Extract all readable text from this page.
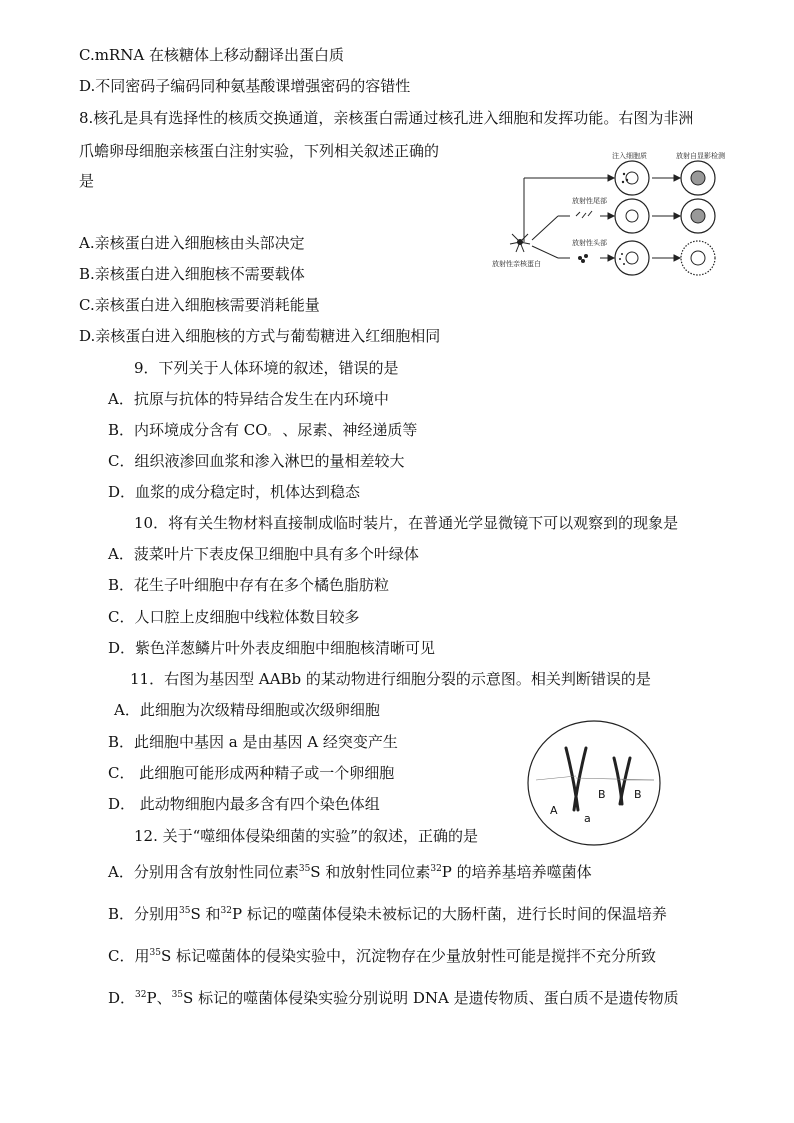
C.mRNA 在核糖体上移动翻译出蛋白质
D.不同密码子编码同种氨基酸课增强密码的容错性
8.核孔是具有选择性的核质交换通道，亲核蛋白需通过核孔进入细胞和发挥功能。右图为非洲
爪蟾卵母细胞亲核蛋白注射实验，下列相关叙述正确的
是
A.亲核蛋白进入细胞核由头部决定
B.亲核蛋白进入细胞核不需要载体
C.亲核蛋白进入细胞核需要消耗能量
D.亲核蛋白进入细胞核的方式与葡萄糖进入红细胞相同
9．下列关于人体环境的叙述，错误的是
A．抗原与抗体的特异结合发生在内环境中
B．内环境成分含有 CO。 、尿素、神经递质等
C．组织液渗回血浆和渗入淋巴的量相差较大
D．血浆的成分稳定时，机体达到稳态
10．将有关生物材料直接制成临时装片，在普通光学显微镜下可以观察到的现象是
A．菠菜叶片下表皮保卫细胞中具有多个叶绿体
B．花生子叶细胞中存有在多个橘色脂肪粒
C．人口腔上皮细胞中线粒体数目较多
D．紫色洋葱鳞片叶外表皮细胞中细胞核清晰可见
11．右图为基因型 AABb 的某动物进行细胞分裂的示意图。相关判断错误的是
A．此细胞为次级精母细胞或次级卵细胞
B．此细胞中基因 a 是由基因 A 经突变产生
C． 此细胞可能形成两种精子或一个卵细胞
D． 此动物细胞内最多含有四个染色体组
12. 关于“噬细体侵染细菌的实验”的叙述，正确的是
A．分别用含有放射性同位素$^{35}$S 和放射性同位素$^{32}$P 的培养基培养噬菌体
B．分别用$^{35}$S 和$^{32}$P 标记的噬菌体侵染未被标记的大肠杆菌，进行长时间的保温培养
C．用$^{35}$S 标记噬菌体的侵染实验中，沉淀物存在少量放射性可能是搅拌不充分所致
D．$^{32}$P、$^{35}$S 标记的噬菌体侵染实验分别说明 DNA 是遗传物质、蛋白质不是遗传物质
注入细胞质	放射自显影检测
放射性亲核蛋白
放射性尾部
放射性头部
A
a
B	B
